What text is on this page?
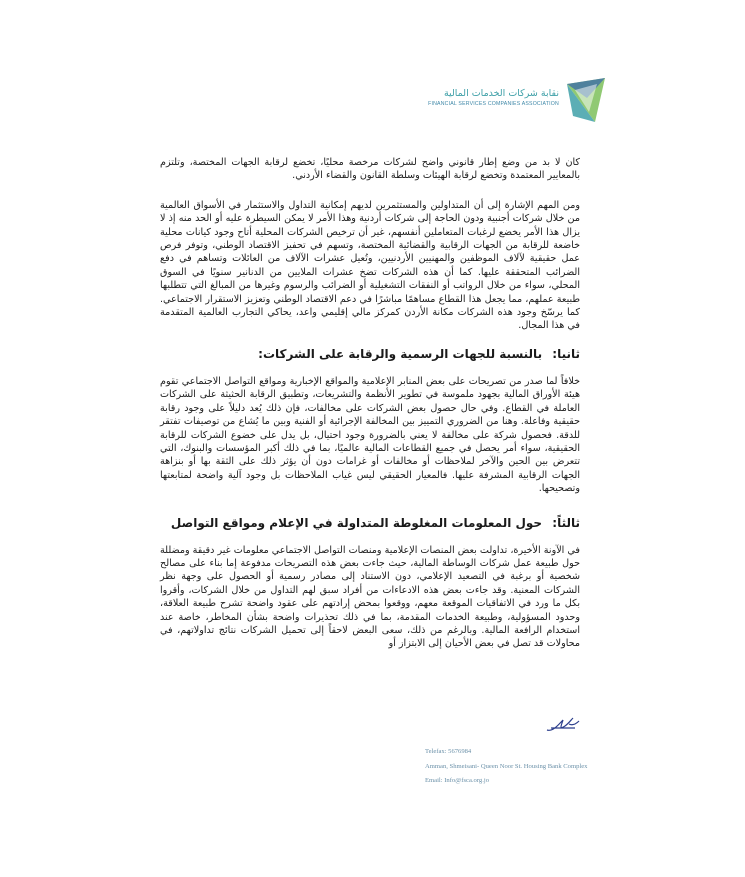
نقابة شركات الخدمات المالية
FINANCIAL SERVICES COMPANIES ASSOCIATION

كان لا بد من وضع إطار قانوني واضح لشركات مرخصة محليًا، تخضع لرقابة الجهات المختصة، وتلتزم بالمعايير المعتمدة وتخضع لرقابة الهيئات وسلطة القانون والقضاء الأردني.

ومن المهم الإشارة إلى أن المتداولين والمستثمرين لديهم إمكانية التداول والاستثمار في الأسواق العالمية من خلال شركات أجنبية ودون الحاجة إلى شركات أردنية وهذا الأمر لا يمكن السيطرة عليه أو الحد منه إذ لا يزال هذا الأمر يخضع لرغبات المتعاملين أنفسهم، غير أن ترخيص الشركات المحلية أتاح وجود كيانات محلية خاضعة للرقابة من الجهات الرقابية والقضائية المختصة، وتسهم في تحفيز الاقتصاد الوطني، وتوفر فرص عمل حقيقية لآلاف الموظفين والمهنيين الأردنيين، وتُعيل عشرات الآلاف من العائلات وتساهم في دفع الضرائب المتحققة عليها. كما أن هذه الشركات تضخ عشرات الملايين من الدنانير سنويًا في السوق المحلي، سواء من خلال الرواتب أو النفقات التشغيلية أو الضرائب والرسوم وغيرها من المبالغ التي تتطلبها طبيعة عملهم، مما يجعل هذا القطاع مساهمًا مباشرًا في دعم الاقتصاد الوطني وتعزيز الاستقرار الاجتماعي. كما يرسّخ وجود هذه الشركات مكانة الأردن كمركز مالي إقليمي واعد، يحاكي التجارب العالمية المتقدمة في هذا المجال.

ثانيا: بالنسبة للجهات الرسمية والرقابة على الشركات:

خلافاً لما صدر من تصريحات على بعض المنابر الإعلامية والمواقع الإخبارية ومواقع التواصل الاجتماعي تقوم هيئة الأوراق المالية بجهود ملموسة في تطوير الأنظمة والتشريعات، وتطبيق الرقابة الحثيثة على الشركات العاملة في القطاع. وفي حال حصول بعض الشركات على مخالفات، فإن ذلك يُعد دليلاً على وجود رقابة حقيقية وفاعلة. وهنا من الضروري التمييز بين المخالفة الإجرائية أو الفنية وبين ما يُشاع من توصيفات تفتقر للدقة. فحصول شركة على مخالفة لا يعني بالضرورة وجود احتيال، بل يدل على خضوع الشركات للرقابة الحقيقية، سواء أمر يحصل في جميع القطاعات المالية عالميًا، بما في ذلك أكبر المؤسسات والبنوك، التي تتعرض بين الحين والآخر لملاحظات أو مخالفات أو غرامات دون أن يؤثر ذلك على الثقة بها أو بنزاهة الجهات الرقابية المشرفة عليها. فالمعيار الحقيقي ليس غياب الملاحظات بل وجود آلية واضحة لمتابعتها وتصحيحها.

ثالثاً: حول المعلومات المغلوطة المتداولة في الإعلام ومواقع التواصل

في الآونة الأخيرة، تداولت بعض المنصات الإعلامية ومنصات التواصل الاجتماعي معلومات غير دقيقة ومضللة حول طبيعة عمل شركات الوساطة المالية، حيث جاءت بعض هذه التصريحات مدفوعة إما بناء على مصالح شخصية أو برغبة في التصعيد الإعلامي، دون الاستناد إلى مصادر رسمية أو الحصول على وجهة نظر الشركات المعنية. وقد جاءت بعض هذه الادعاءات من أفراد سبق لهم التداول من خلال الشركات، وأقروا بكل ما ورد في الاتفاقيات الموقعة معهم، ووقعوا بمحض إرادتهم على عقود واضحة تشرح طبيعة العلاقة، وحدود المسؤولية، وطبيعة الخدمات المقدمة، بما في ذلك تحذيرات واضحة بشأن المخاطر، خاصة عند استخدام الرافعة المالية. وبالرغم من ذلك، سعى البعض لاحقاً إلى تحميل الشركات نتائج تداولاتهم، في محاولات قد تصل في بعض الأحيان إلى الابتزاز أو

Telefax: 5676984
Amman, Shmeisani- Queen Noor St. Housing Bank Complex
Email: Info@fsca.org.jo
